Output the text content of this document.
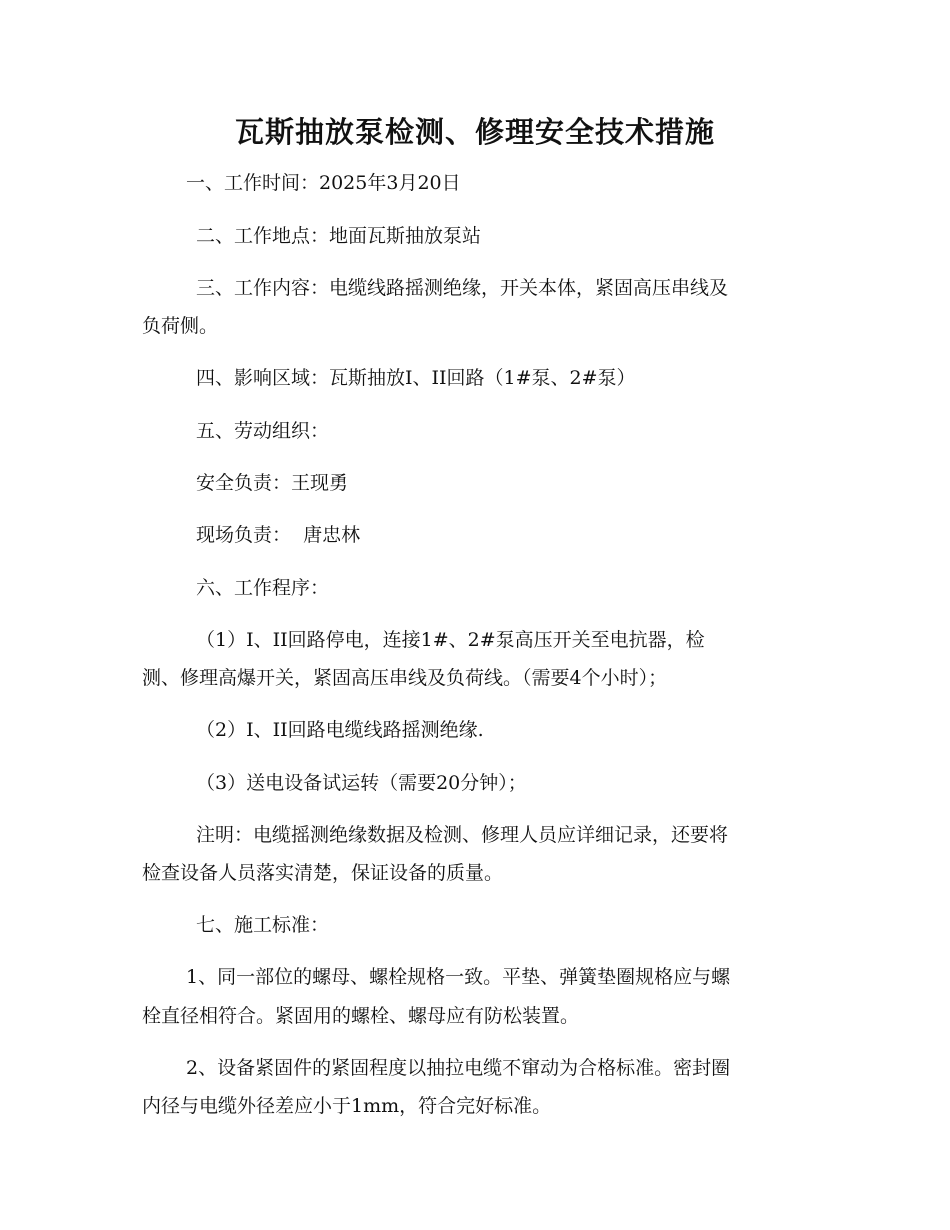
瓦斯抽放泵检测、修理安全技术措施
一、工作时间：2025年3月20日
二、工作地点：地面瓦斯抽放泵站
三、工作内容：电缆线路摇测绝缘，开关本体，紧固高压串线及
负荷侧。
四、影响区域：瓦斯抽放Ⅰ、II回路（1#泵、2#泵）
五、劳动组织：
安全负责：王现勇
现场负责：  唐忠林
六、工作程序：
（1）Ⅰ、II回路停电，连接1#、2#泵高压开关至电抗器，检
测、修理高爆开关，紧固高压串线及负荷线。（需要4个小时）；
（2）Ⅰ、II回路电缆线路摇测绝缘.
（3）送电设备试运转（需要20分钟）；
注明：电缆摇测绝缘数据及检测、修理人员应详细记录，还要将
检查设备人员落实清楚，保证设备的质量。
七、施工标准：
1、同一部位的螺母、螺栓规格一致。平垫、弹簧垫圈规格应与螺
栓直径相符合。紧固用的螺栓、螺母应有防松装置。
2、设备紧固件的紧固程度以抽拉电缆不窜动为合格标准。密封圈
内径与电缆外径差应小于1mm，符合完好标准。
